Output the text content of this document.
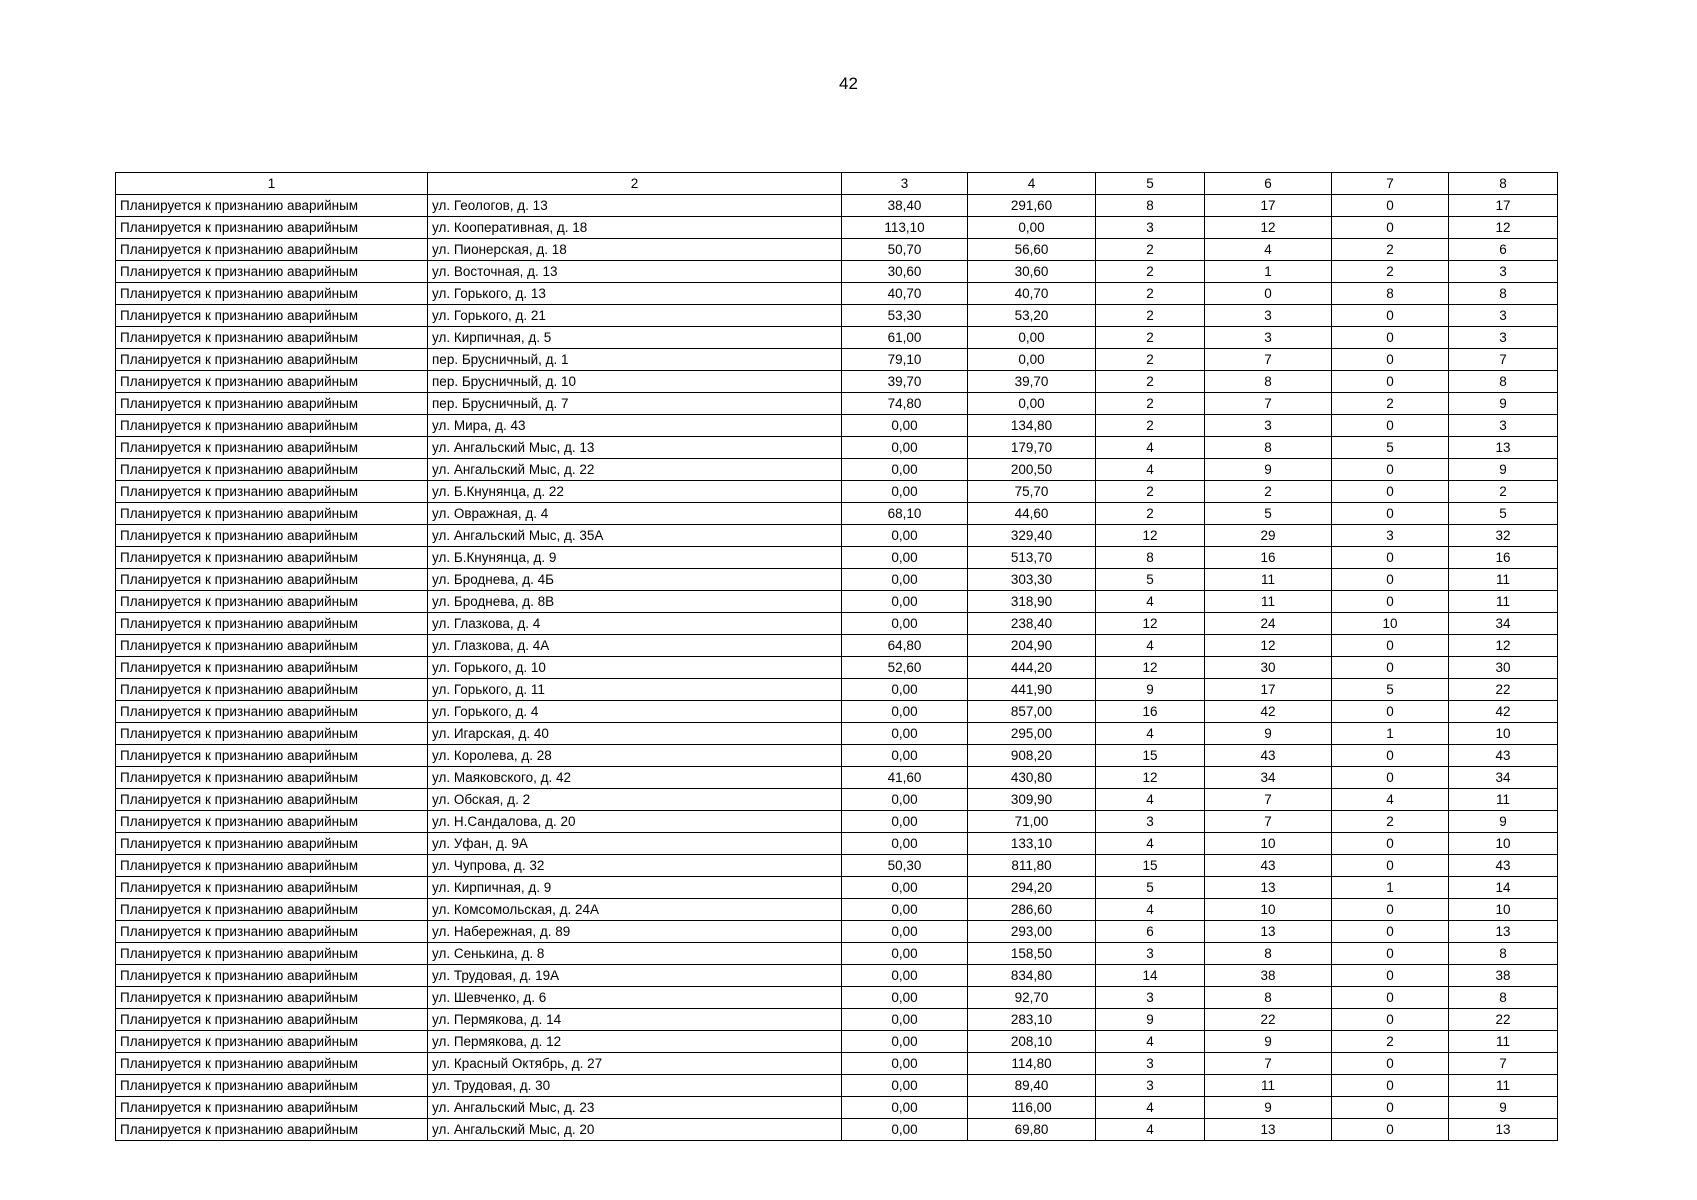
42
1	2	3	4	5	6	7	8
Планируется к признанию аварийным	ул. Геологов, д. 13	38,40	291,60	8	17	0	17
Планируется к признанию аварийным	ул. Кооперативная, д. 18	113,10	0,00	3	12	0	12
Планируется к признанию аварийным	ул. Пионерская, д. 18	50,70	56,60	2	4	2	6
Планируется к признанию аварийным	ул. Восточная, д. 13	30,60	30,60	2	1	2	3
Планируется к признанию аварийным	ул. Горького, д. 13	40,70	40,70	2	0	8	8
Планируется к признанию аварийным	ул. Горького, д. 21	53,30	53,20	2	3	0	3
Планируется к признанию аварийным	ул. Кирпичная, д. 5	61,00	0,00	2	3	0	3
Планируется к признанию аварийным	пер. Брусничный, д. 1	79,10	0,00	2	7	0	7
Планируется к признанию аварийным	пер. Брусничный, д. 10	39,70	39,70	2	8	0	8
Планируется к признанию аварийным	пер. Брусничный, д. 7	74,80	0,00	2	7	2	9
Планируется к признанию аварийным	ул. Мира, д. 43	0,00	134,80	2	3	0	3
Планируется к признанию аварийным	ул. Ангальский Мыс, д. 13	0,00	179,70	4	8	5	13
Планируется к признанию аварийным	ул. Ангальский Мыс, д. 22	0,00	200,50	4	9	0	9
Планируется к признанию аварийным	ул. Б.Кнунянца, д. 22	0,00	75,70	2	2	0	2
Планируется к признанию аварийным	ул. Овражная, д. 4	68,10	44,60	2	5	0	5
Планируется к признанию аварийным	ул. Ангальский Мыс, д. 35А	0,00	329,40	12	29	3	32
Планируется к признанию аварийным	ул. Б.Кнунянца, д. 9	0,00	513,70	8	16	0	16
Планируется к признанию аварийным	ул. Броднева, д. 4Б	0,00	303,30	5	11	0	11
Планируется к признанию аварийным	ул. Броднева, д. 8В	0,00	318,90	4	11	0	11
Планируется к признанию аварийным	ул. Глазкова, д. 4	0,00	238,40	12	24	10	34
Планируется к признанию аварийным	ул. Глазкова, д. 4А	64,80	204,90	4	12	0	12
Планируется к признанию аварийным	ул. Горького, д. 10	52,60	444,20	12	30	0	30
Планируется к признанию аварийным	ул. Горького, д. 11	0,00	441,90	9	17	5	22
Планируется к признанию аварийным	ул. Горького, д. 4	0,00	857,00	16	42	0	42
Планируется к признанию аварийным	ул. Игарская, д. 40	0,00	295,00	4	9	1	10
Планируется к признанию аварийным	ул. Королева, д. 28	0,00	908,20	15	43	0	43
Планируется к признанию аварийным	ул. Маяковского, д. 42	41,60	430,80	12	34	0	34
Планируется к признанию аварийным	ул. Обская, д. 2	0,00	309,90	4	7	4	11
Планируется к признанию аварийным	ул. Н.Сандалова, д. 20	0,00	71,00	3	7	2	9
Планируется к признанию аварийным	ул. Уфан, д. 9А	0,00	133,10	4	10	0	10
Планируется к признанию аварийным	ул. Чупрова, д. 32	50,30	811,80	15	43	0	43
Планируется к признанию аварийным	ул. Кирпичная, д. 9	0,00	294,20	5	13	1	14
Планируется к признанию аварийным	ул. Комсомольская, д. 24А	0,00	286,60	4	10	0	10
Планируется к признанию аварийным	ул. Набережная, д. 89	0,00	293,00	6	13	0	13
Планируется к признанию аварийным	ул. Сенькина, д. 8	0,00	158,50	3	8	0	8
Планируется к признанию аварийным	ул. Трудовая, д. 19А	0,00	834,80	14	38	0	38
Планируется к признанию аварийным	ул. Шевченко, д. 6	0,00	92,70	3	8	0	8
Планируется к признанию аварийным	ул. Пермякова, д. 14	0,00	283,10	9	22	0	22
Планируется к признанию аварийным	ул. Пермякова, д. 12	0,00	208,10	4	9	2	11
Планируется к признанию аварийным	ул. Красный Октябрь, д. 27	0,00	114,80	3	7	0	7
Планируется к признанию аварийным	ул. Трудовая, д. 30	0,00	89,40	3	11	0	11
Планируется к признанию аварийным	ул. Ангальский Мыс, д. 23	0,00	116,00	4	9	0	9
Планируется к признанию аварийным	ул. Ангальский Мыс, д. 20	0,00	69,80	4	13	0	13
